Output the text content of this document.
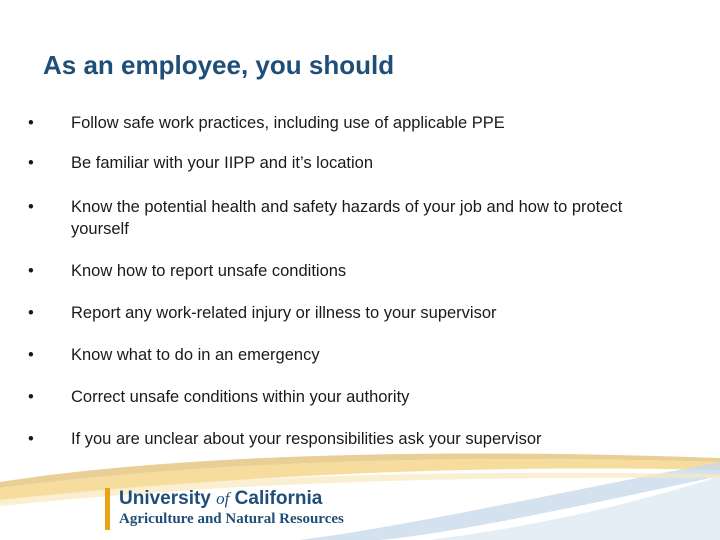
As an employee, you should
•	Follow safe work practices, including use of applicable PPE
•	Be familiar with your IIPP and it’s location
•	Know the potential health and safety hazards of your job and how to protect yourself
•	Know how to report unsafe conditions
•	Report any work-related injury or illness to your supervisor
•	Know what to do in an emergency
•	Correct unsafe conditions within your authority
•	If you are unclear about your responsibilities ask your supervisor
University of California
Agriculture and Natural Resources
